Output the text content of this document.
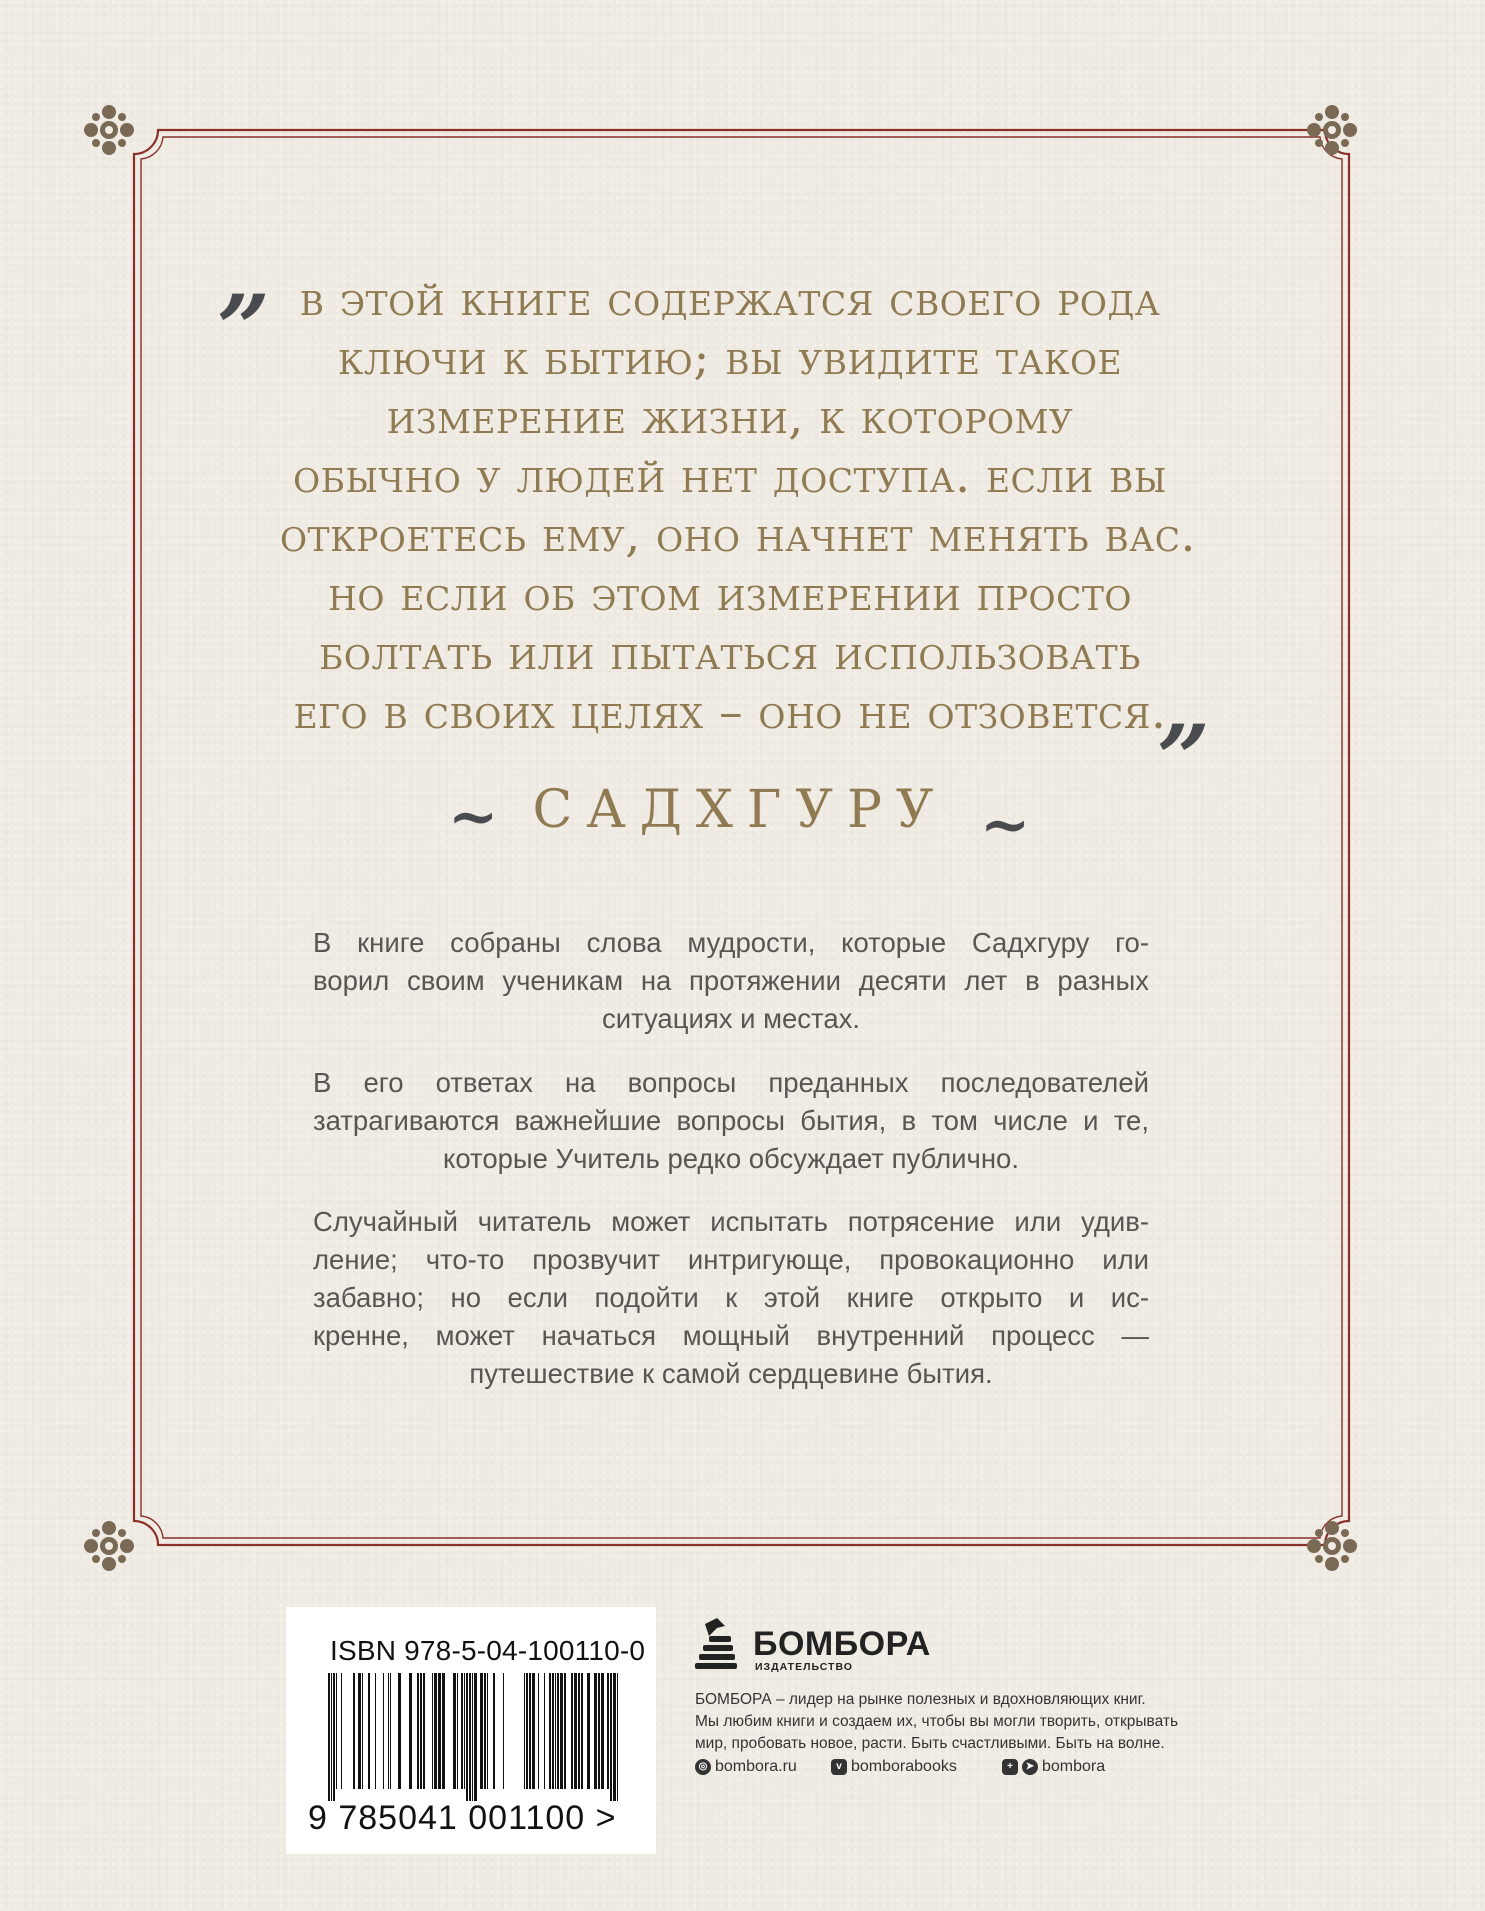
„
„
в этой книге содержатся своего рода
ключи к бытию; вы увидите такое
измерение жизни, к которому
обычно у людей нет доступа. если вы
откроетесь ему, оно начнет менять вас.
но если об этом измерении просто
болтать или пытаться использовать
его в своих целях – оно не отзовется.
~ САДХГУРУ ~
В книге собраны слова мудрости, которые Садхгуру го-
ворил своим ученикам на протяжении десяти лет в разных
ситуациях и местах.
В его ответах на вопросы преданных последователей
затрагиваются важнейшие вопросы бытия, в том числе и те,
которые Учитель редко обсуждает публично.
Случайный читатель может испытать потрясение или удив-
ление; что-то прозвучит интригующе, провокационно или
забавно; но если подойти к этой книге открыто и ис-
кренне, может начаться мощный внутренний процесс —
путешествие к самой сердцевине бытия.
ISBN 978-5-04-100110-0
9 785041 001100 >
БОМБОРА
ИЗДАТЕЛЬСТВО
БОМБОРА – лидер на рынке полезных и вдохновляющих книг.
Мы любим книги и создаем их, чтобы вы могли творить, открывать
мир, пробовать новое, расти. Быть счастливыми. Быть на волне.
◎ bombora.ru	v bomborabooks	+	➤ bombora
